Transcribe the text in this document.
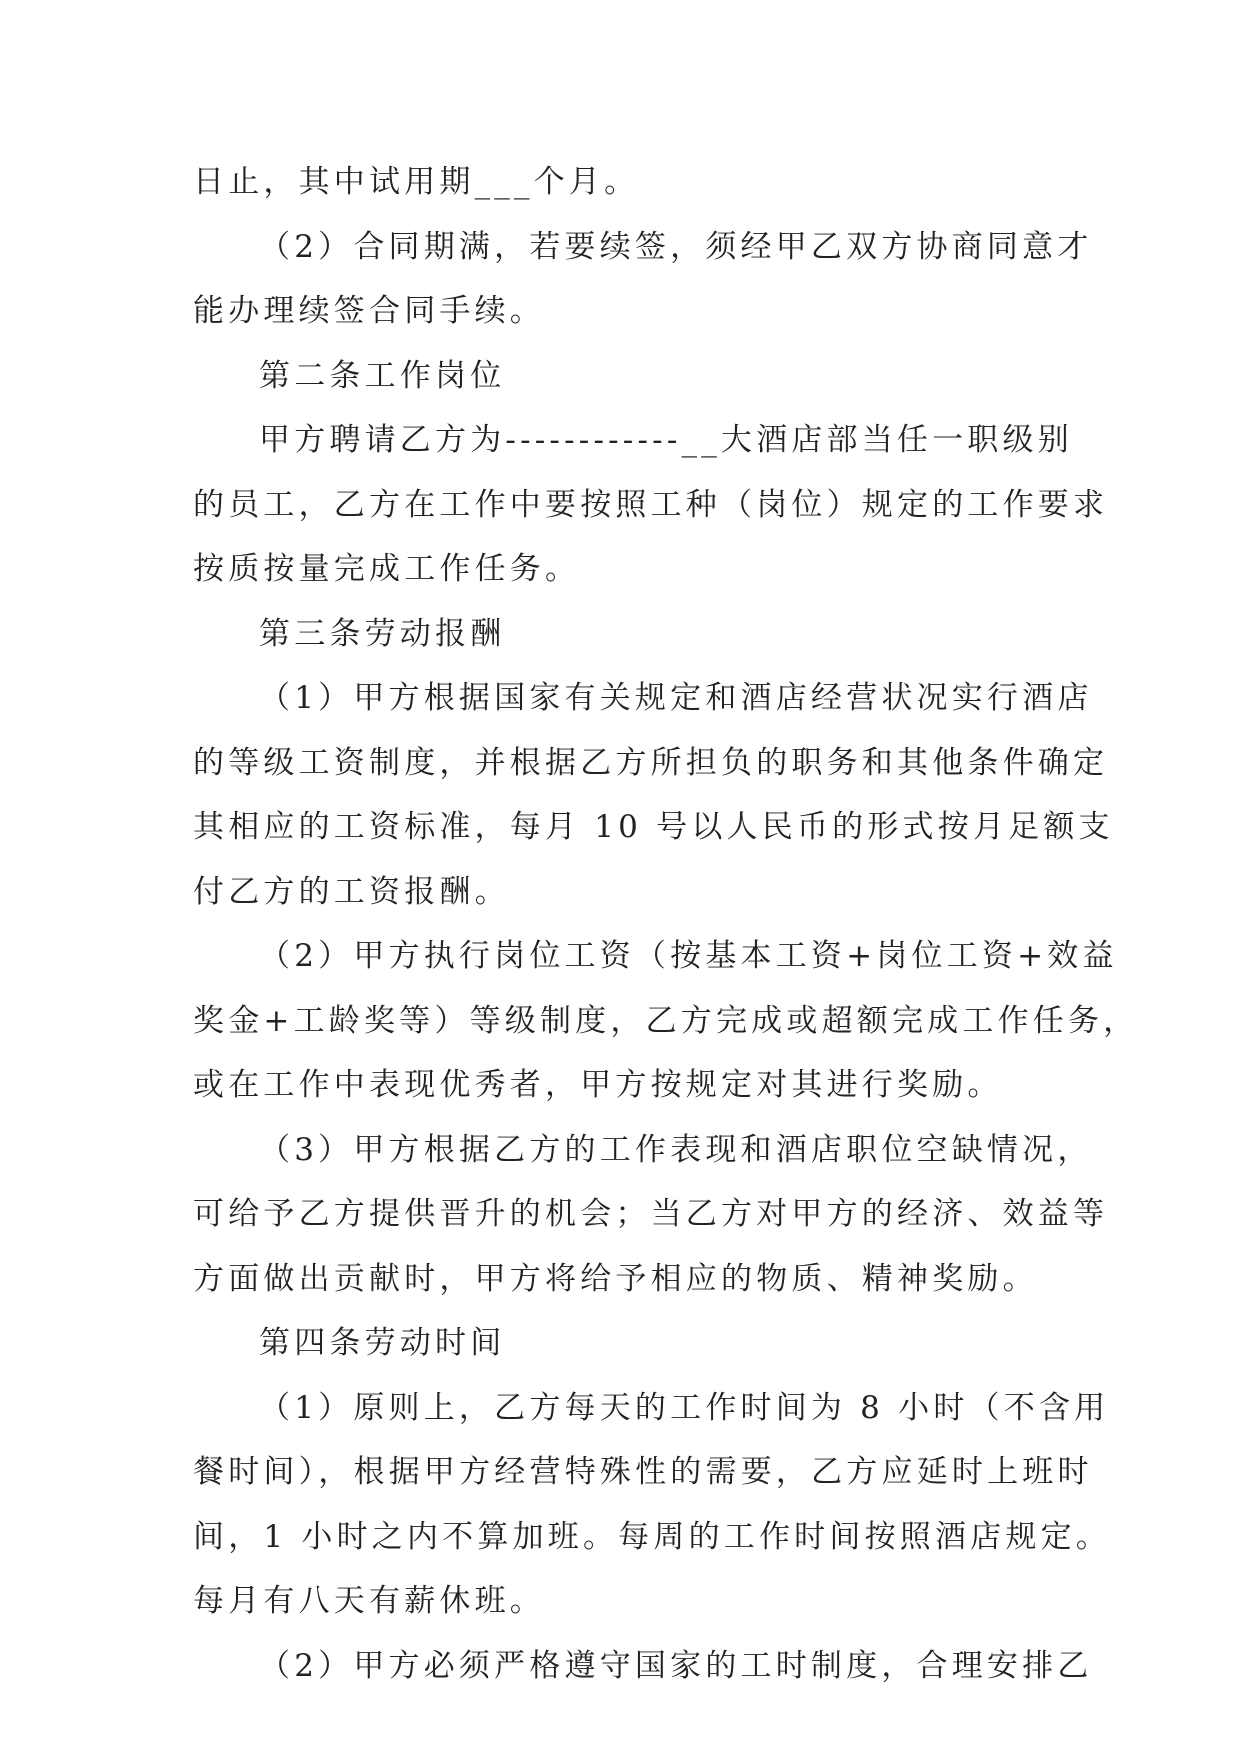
日止，其中试用期___个月。
（2）合同期满，若要续签，须经甲乙双方协商同意才
能办理续签合同手续。
第二条工作岗位
甲方聘请乙方为------------__大酒店部当任一职级别
的员工，乙方在工作中要按照工种（岗位）规定的工作要求
按质按量完成工作任务。
第三条劳动报酬
（1）甲方根据国家有关规定和酒店经营状况实行酒店
的等级工资制度，并根据乙方所担负的职务和其他条件确定
其相应的工资标准，每月 10 号以人民币的形式按月足额支
付乙方的工资报酬。
（2）甲方执行岗位工资（按基本工资+岗位工资+效益
奖金+工龄奖等）等级制度，乙方完成或超额完成工作任务，
或在工作中表现优秀者，甲方按规定对其进行奖励。
（3）甲方根据乙方的工作表现和酒店职位空缺情况，
可给予乙方提供晋升的机会；当乙方对甲方的经济、效益等
方面做出贡献时，甲方将给予相应的物质、精神奖励。
第四条劳动时间
（1）原则上，乙方每天的工作时间为 8 小时（不含用
餐时间），根据甲方经营特殊性的需要，乙方应延时上班时
间，1 小时之内不算加班。每周的工作时间按照酒店规定。
每月有八天有薪休班。
（2）甲方必须严格遵守国家的工时制度，合理安排乙
